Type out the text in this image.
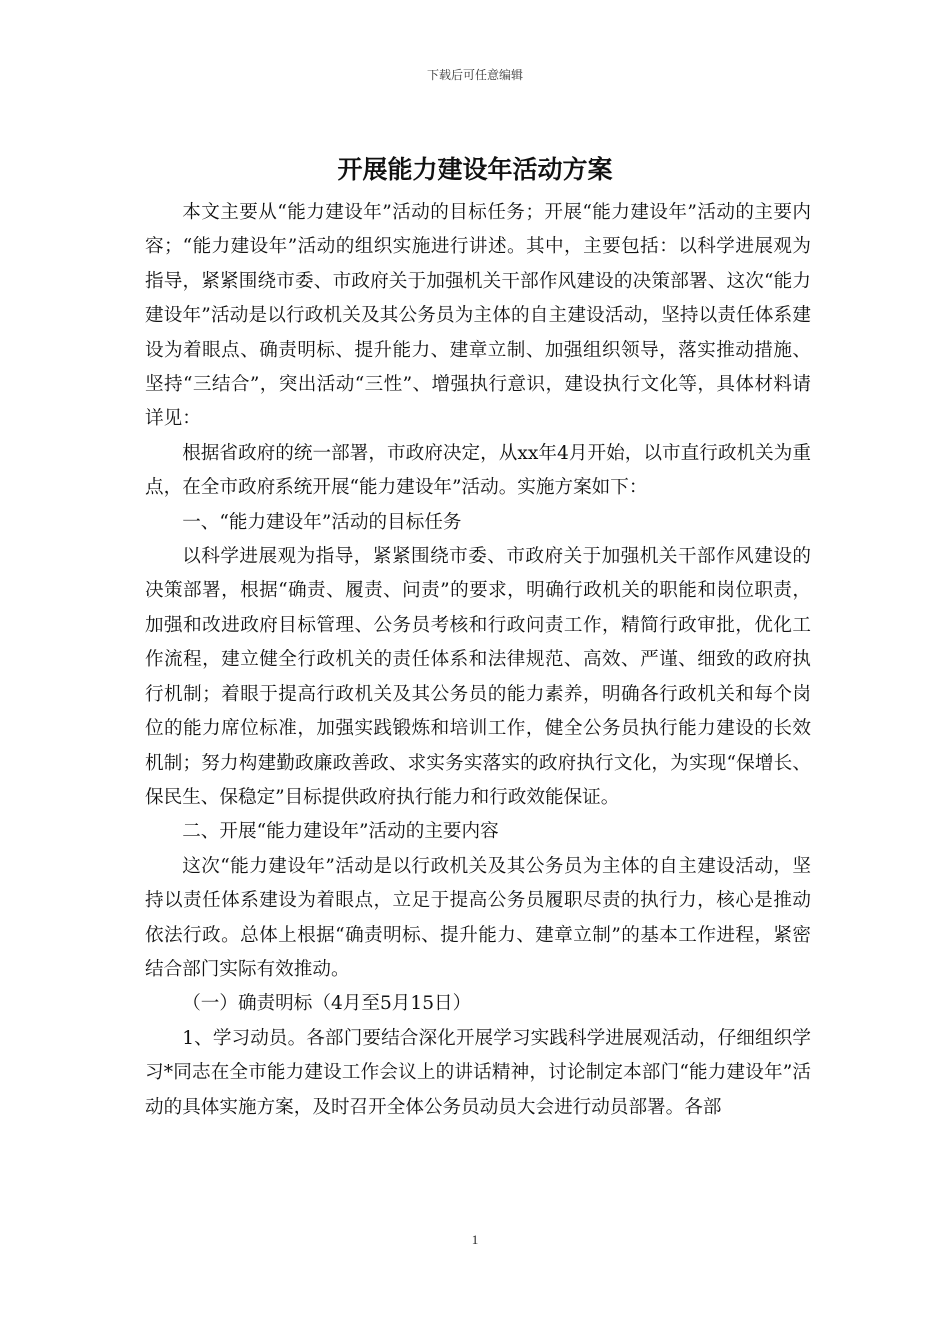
下载后可任意编辑
开展能力建设年活动方案

本文主要从“能力建设年”活动的目标任务；开展“能力建设年”活动的主要内容；“能力建设年”活动的组织实施进行讲述。其中，主要包括：以科学进展观为指导，紧紧围绕市委、市政府关于加强机关干部作风建设的决策部署、这次“能力建设年”活动是以行政机关及其公务员为主体的自主建设活动，坚持以责任体系建设为着眼点、确责明标、提升能力、建章立制、加强组织领导，落实推动措施、坚持“三结合”，突出活动“三性”、增强执行意识，建设执行文化等，具体材料请详见：

根据省政府的统一部署，市政府决定，从xx年4月开始，以市直行政机关为重点，在全市政府系统开展“能力建设年”活动。实施方案如下：

一、“能力建设年”活动的目标任务

以科学进展观为指导，紧紧围绕市委、市政府关于加强机关干部作风建设的决策部署，根据“确责、履责、问责”的要求，明确行政机关的职能和岗位职责，加强和改进政府目标管理、公务员考核和行政问责工作，精简行政审批，优化工作流程，建立健全行政机关的责任体系和法律规范、高效、严谨、细致的政府执行机制；着眼于提高行政机关及其公务员的能力素养，明确各行政机关和每个岗位的能力席位标准，加强实践锻炼和培训工作，健全公务员执行能力建设的长效机制；努力构建勤政廉政善政、求实务实落实的政府执行文化，为实现“保增长、保民生、保稳定”目标提供政府执行能力和行政效能保证。

二、开展“能力建设年”活动的主要内容

这次“能力建设年”活动是以行政机关及其公务员为主体的自主建设活动，坚持以责任体系建设为着眼点，立足于提高公务员履职尽责的执行力，核心是推动依法行政。总体上根据“确责明标、提升能力、建章立制”的基本工作进程，紧密结合部门实际有效推动。

（一）确责明标（4月至5月15日）

1、学习动员。各部门要结合深化开展学习实践科学进展观活动，仔细组织学习*同志在全市能力建设工作会议上的讲话精神，讨论制定本部门“能力建设年”活动的具体实施方案，及时召开全体公务员动员大会进行动员部署。各部

1
